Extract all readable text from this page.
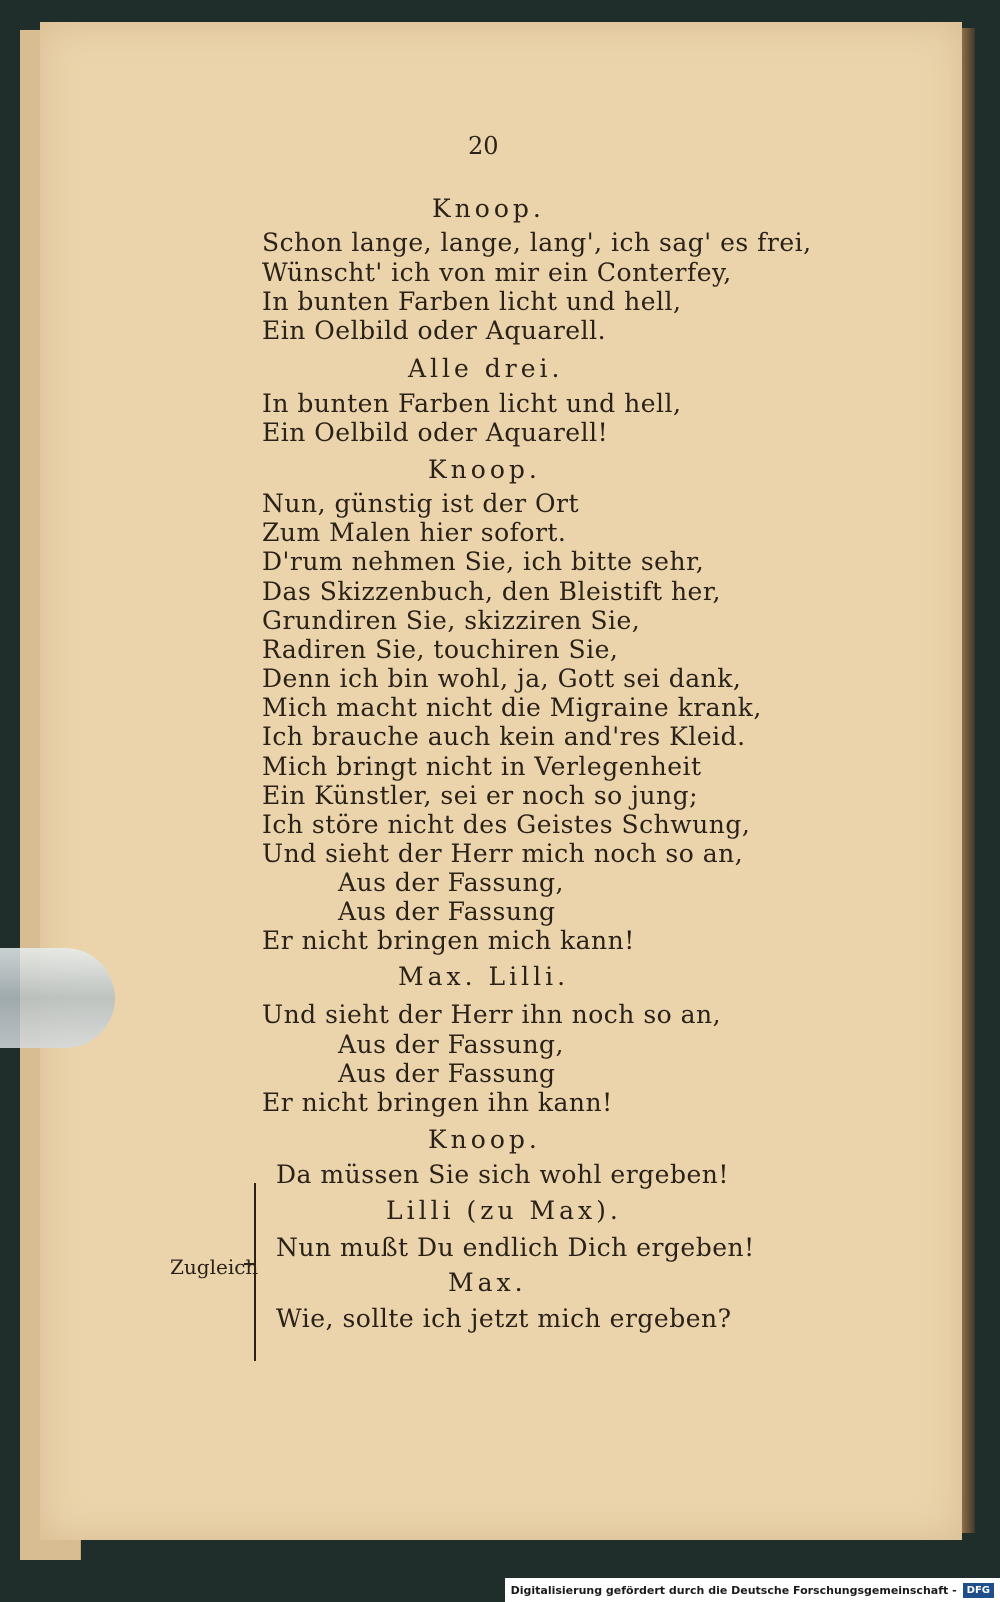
20
Knoop.
Schon lange, lange, lang', ich sag' es frei,
Wünscht' ich von mir ein Conterfey,
In bunten Farben licht und hell,
Ein Oelbild oder Aquarell.
Alle drei.
In bunten Farben licht und hell,
Ein Oelbild oder Aquarell!
Knoop.
Nun, günstig ist der Ort
Zum Malen hier sofort.
D'rum nehmen Sie, ich bitte sehr,
Das Skizzenbuch, den Bleistift her,
Grundiren Sie, skizziren Sie,
Radiren Sie, touchiren Sie,
Denn ich bin wohl, ja, Gott sei dank,
Mich macht nicht die Migraine krank,
Ich brauche auch kein and'res Kleid.
Mich bringt nicht in Verlegenheit
Ein Künstler, sei er noch so jung;
Ich störe nicht des Geistes Schwung,
Und sieht der Herr mich noch so an,
Aus der Fassung,
Aus der Fassung
Er nicht bringen mich kann!
Max. Lilli.
Und sieht der Herr ihn noch so an,
Aus der Fassung,
Aus der Fassung
Er nicht bringen ihn kann!
Knoop.
Zugleich
Da müssen Sie sich wohl ergeben!
Lilli (zu Max).
Nun mußt Du endlich Dich ergeben!
Max.
Wie, sollte ich jetzt mich ergeben?
Digitalisierung gefördert durch die Deutsche Forschungsgemeinschaft -	DFG
